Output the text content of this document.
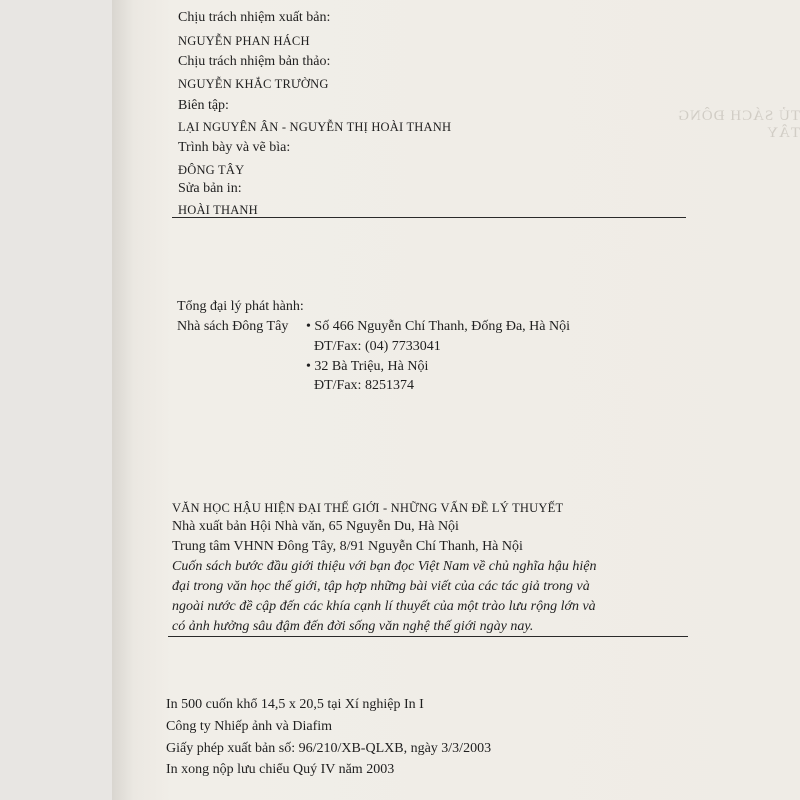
TỦ SÁCH ĐÔNG TÂY
Chịu trách nhiệm xuất bản:
NGUYỄN PHAN HÁCH
Chịu trách nhiệm bản thảo:
NGUYỄN KHẮC TRƯỜNG
Biên tập:
LẠI NGUYÊN ÂN - NGUYỄN THỊ HOÀI THANH
Trình bày và vẽ bìa:
ĐÔNG TÂY
Sửa bản in:
HOÀI THANH
Tổng đại lý phát hành:
Nhà sách Đông Tây • Số 466 Nguyễn Chí Thanh, Đống Đa, Hà Nội
ĐT/Fax: (04) 7733041
• 32 Bà Triệu, Hà Nội
ĐT/Fax: 8251374
VĂN HỌC HẬU HIỆN ĐẠI THẾ GIỚI - NHỮNG VẤN ĐỀ LÝ THUYẾT
Nhà xuất bản Hội Nhà văn, 65 Nguyễn Du, Hà Nội
Trung tâm VHNN Đông Tây, 8/91 Nguyễn Chí Thanh, Hà Nội
Cuốn sách bước đầu giới thiệu với bạn đọc Việt Nam về chủ nghĩa hậu hiện
đại trong văn học thế giới, tập hợp những bài viết của các tác giả trong và
ngoài nước đề cập đến các khía cạnh lí thuyết của một trào lưu rộng lớn và
có ảnh hưởng sâu đậm đến đời sống văn nghệ thế giới ngày nay.
In 500 cuốn khổ 14,5 x 20,5 tại Xí nghiệp In I
Công ty Nhiếp ảnh và Diafim
Giấy phép xuất bản số: 96/210/XB-QLXB, ngày 3/3/2003
In xong nộp lưu chiểu Quý IV năm 2003
